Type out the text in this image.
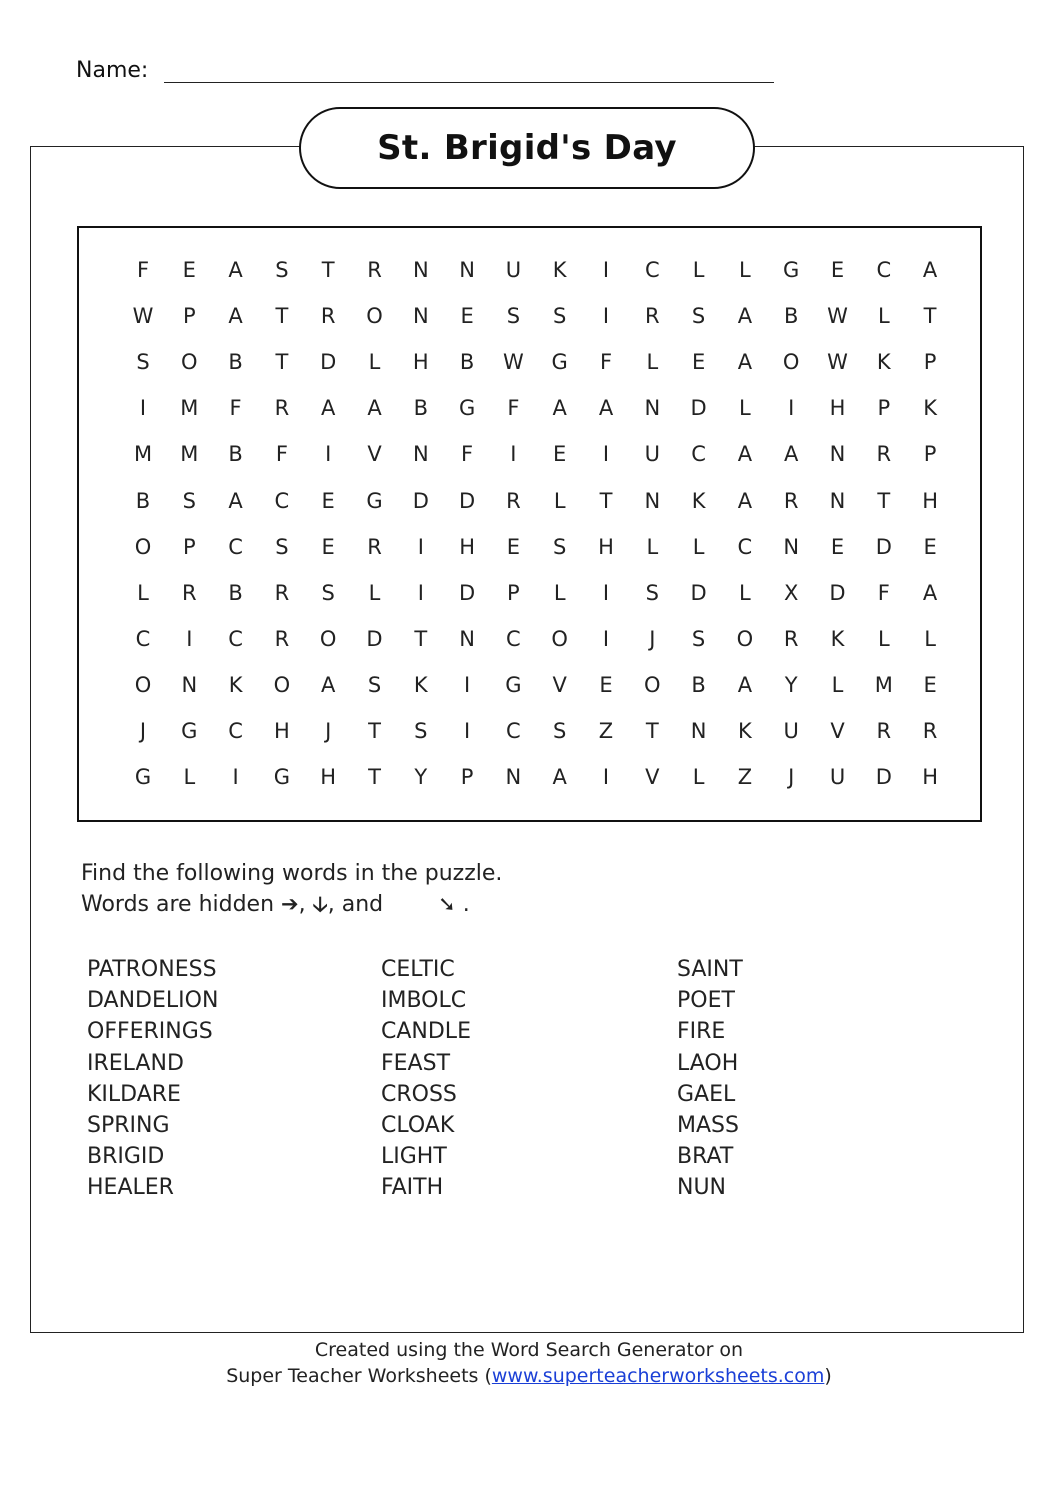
Name:
St. Brigid's Day
F	E	A	S	T	R	N	N	U	K	I	C	L	L	G	E	C	A
W	P	A	T	R	O	N	E	S	S	I	R	S	A	B	W	L	T
S	O	B	T	D	L	H	B	W	G	F	L	E	A	O	W	K	P
I	M	F	R	A	A	B	G	F	A	A	N	D	L	I	H	P	K
M	M	B	F	I	V	N	F	I	E	I	U	C	A	A	N	R	P
B	S	A	C	E	G	D	D	R	L	T	N	K	A	R	N	T	H
O	P	C	S	E	R	I	H	E	S	H	L	L	C	N	E	D	E
L	R	B	R	S	L	I	D	P	L	I	S	D	L	X	D	F	A
C	I	C	R	O	D	T	N	C	O	I	J	S	O	R	K	L	L
O	N	K	O	A	S	K	I	G	V	E	O	B	A	Y	L	M	E
J	G	C	H	J	T	S	I	C	S	Z	T	N	K	U	V	R	R
G	L	I	G	H	T	Y	P	N	A	I	V	L	Z	J	U	D	H
Find the following words in the puzzle.
Words are hidden ➔, 🡣, and	➘ .
PATRONESS
DANDELION
OFFERINGS
IRELAND
KILDARE
SPRING
BRIGID
HEALER
CELTIC
IMBOLC
CANDLE
FEAST
CROSS
CLOAK
LIGHT
FAITH
SAINT
POET
FIRE
LAOH
GAEL
MASS
BRAT
NUN
Created using the Word Search Generator on
Super Teacher Worksheets (www.superteacherworksheets.com)
